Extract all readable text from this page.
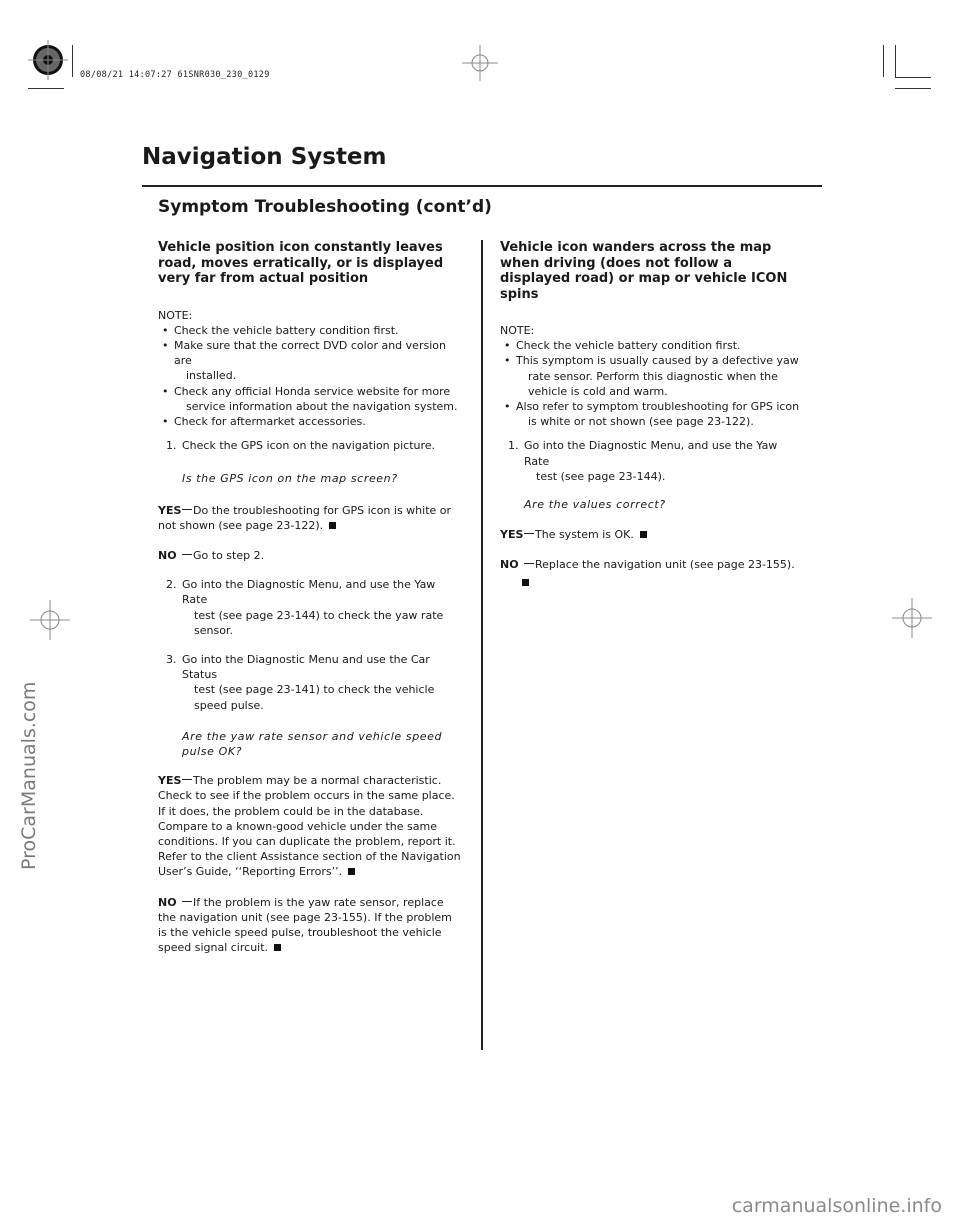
08/08/21 14:07:27 61SNR030_230_0129
Navigation System
Symptom Troubleshooting (cont’d)
Vehicle position icon constantly leaves road, moves erratically, or is displayed very far from actual position

NOTE:

• Check the vehicle battery condition first.
• Make sure that the correct DVD color and version are
installed.
• Check any official Honda service website for more
service information about the navigation system.
• Check for aftermarket accessories.
1. Check the GPS icon on the navigation picture.
Is the GPS icon on the map screen?
YES Do the troubleshooting for GPS icon is white or not shown (see page 23-122).
NO Go to step 2.
2. Go into the Diagnostic Menu, and use the Yaw Rate
test (see page 23-144) to check the yaw rate sensor.
3. Go into the Diagnostic Menu and use the Car Status
test (see page 23-141) to check the vehicle speed pulse.
Are the yaw rate sensor and vehicle speed pulse OK?
YES The problem may be a normal characteristic. Check to see if the problem occurs in the same place. If it does, the problem could be in the database. Compare to a known-good vehicle under the same conditions. If you can duplicate the problem, report it. Refer to the client Assistance section of the Navigation User’s Guide, ‘‘Reporting Errors’’.
NO If the problem is the yaw rate sensor, replace the navigation unit (see page 23-155). If the problem is the vehicle speed pulse, troubleshoot the vehicle speed signal circuit.
Vehicle icon wanders across the map when driving (does not follow a displayed road) or map or vehicle ICON spins

NOTE:

• Check the vehicle battery condition first.
• This symptom is usually caused by a defective yaw
rate sensor. Perform this diagnostic when the vehicle is cold and warm.
• Also refer to symptom troubleshooting for GPS icon
is white or not shown (see page 23-122).
1. Go into the Diagnostic Menu, and use the Yaw Rate
test (see page 23-144).
Are the values correct?
YES The system is OK.
NO Replace the navigation unit (see page 23-155).
ProCarManuals.com
carmanualsonline.info
